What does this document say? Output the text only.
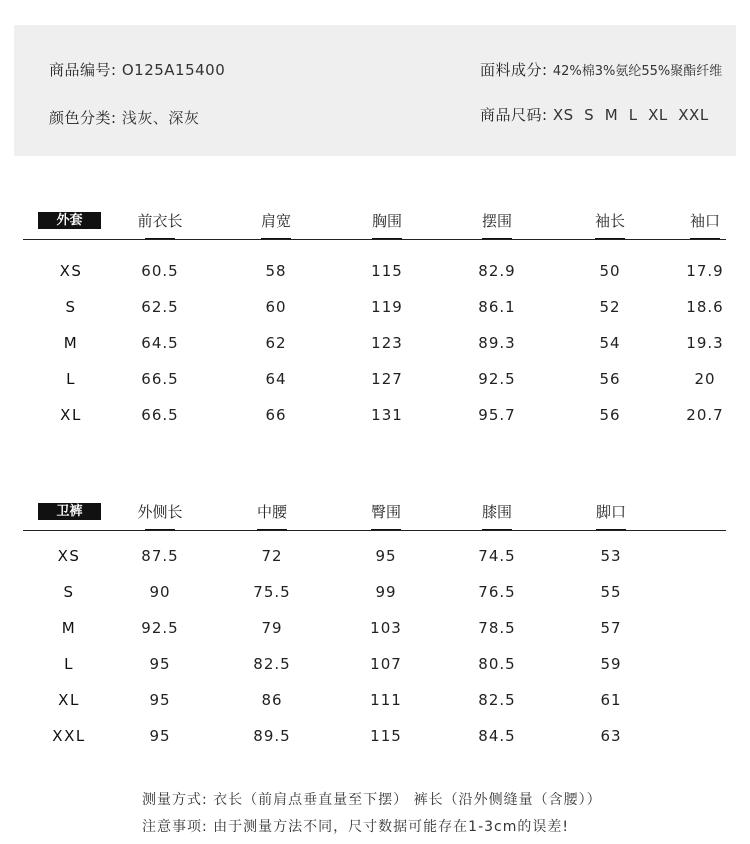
商品编号: O125A15400
颜色分类: 浅灰、深灰
面料成分: 42%棉3%氨纶55%聚酯纤维
商品尺码: XS  S  M  L  XL  XXL
外套	前衣长	肩宽	胸围	摆围	袖长	袖口
XS	60.5	58	115	82.9	50	17.9
S	62.5	60	119	86.1	52	18.6
M	64.5	62	123	89.3	54	19.3
L	66.5	64	127	92.5	56	20
XL	66.5	66	131	95.7	56	20.7
卫裤	外侧长	中腰	臀围	膝围	脚口
XS	87.5	72	95	74.5	53
S	90	75.5	99	76.5	55
M	92.5	79	103	78.5	57
L	95	82.5	107	80.5	59
XL	95	86	111	82.5	61
XXL	95	89.5	115	84.5	63
测量方式: 衣长（前肩点垂直量至下摆） 裤长（沿外侧缝量（含腰））
注意事项: 由于测量方法不同，尺寸数据可能存在1-3cm的误差!
